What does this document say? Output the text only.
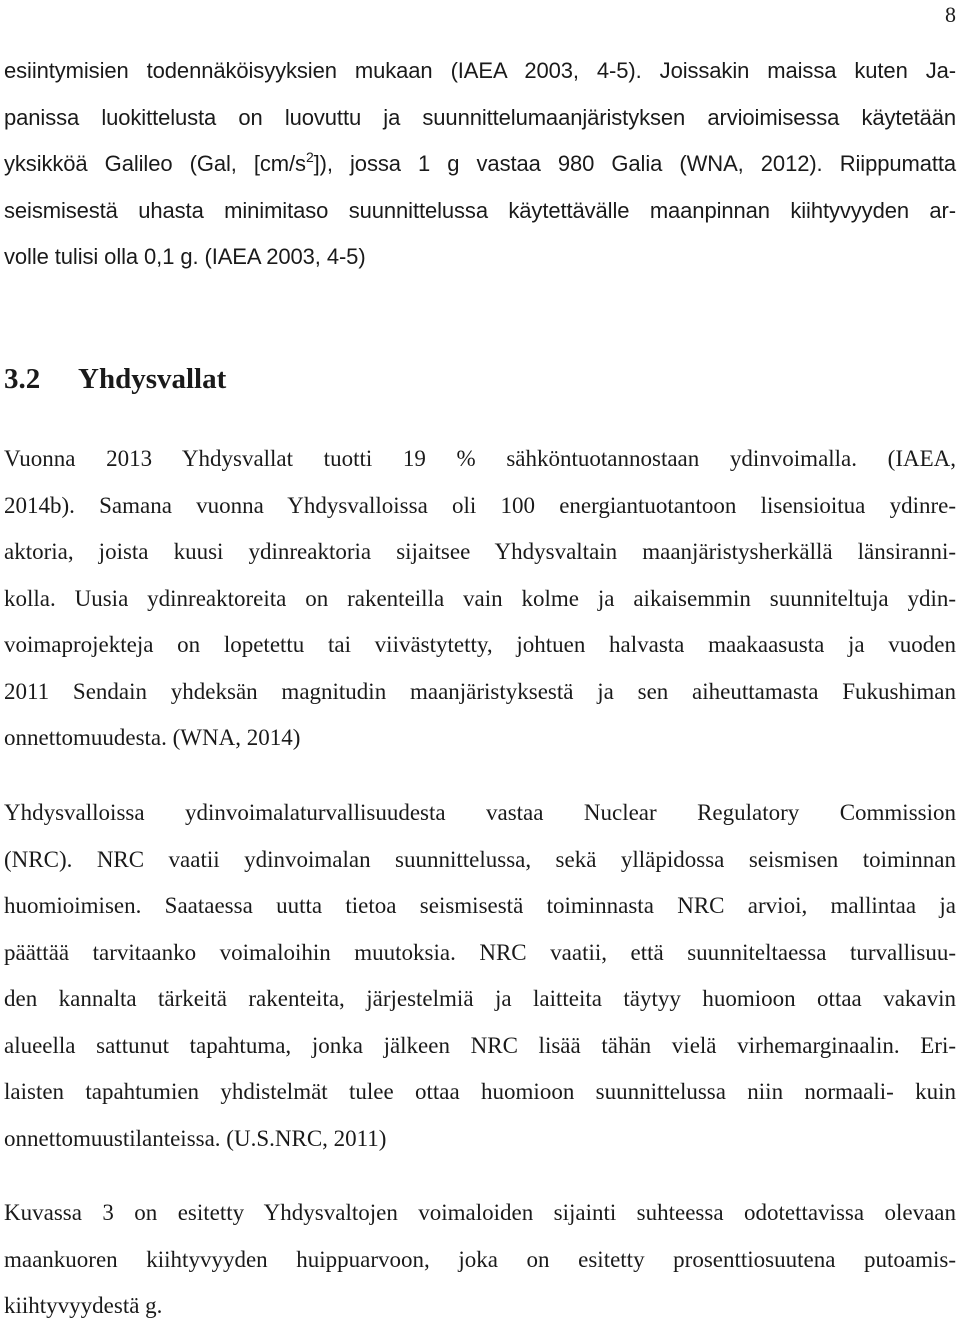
8
esiintymisien todennäköisyyksien mukaan (IAEA 2003, 4-5). Joissakin maissa kuten Ja-
panissa luokittelusta on luovuttu ja suunnittelumaanjäristyksen arvioimisessa käytetään
yksikköä Galileo (Gal, $[cm/s^2]$), jossa 1 g vastaa 980 Galia (WNA, 2012). Riippumatta
seismisestä uhasta minimitaso suunnittelussa käytettävälle maanpinnan kiihtyvyyden ar-
volle tulisi olla 0,1 g. (IAEA 2003, 4-5)
3.2 Yhdysvallat
Vuonna 2013 Yhdysvallat tuotti 19 % sähköntuotannostaan ydinvoimalla. (IAEA,
2014b). Samana vuonna Yhdysvalloissa oli 100 energiantuotantoon lisensioitua ydinre-
aktoria, joista kuusi ydinreaktoria sijaitsee Yhdysvaltain maanjäristysherkällä länsiranni-
kolla. Uusia ydinreaktoreita on rakenteilla vain kolme ja aikaisemmin suunniteltuja ydin-
voimaprojekteja on lopetettu tai viivästytetty, johtuen halvasta maakaasusta ja vuoden
2011 Sendain yhdeksän magnitudin maanjäristyksestä ja sen aiheuttamasta Fukushiman
onnettomuudesta. (WNA, 2014)
Yhdysvalloissa ydinvoimalaturvallisuudesta vastaa Nuclear Regulatory Commission
(NRC). NRC vaatii ydinvoimalan suunnittelussa, sekä ylläpidossa seismisen toiminnan
huomioimisen. Saataessa uutta tietoa seismisestä toiminnasta NRC arvioi, mallintaa ja
päättää tarvitaanko voimaloihin muutoksia. NRC vaatii, että suunniteltaessa turvallisuu-
den kannalta tärkeitä rakenteita, järjestelmiä ja laitteita täytyy huomioon ottaa vakavin
alueella sattunut tapahtuma, jonka jälkeen NRC lisää tähän vielä virhemarginaalin. Eri-
laisten tapahtumien yhdistelmät tulee ottaa huomioon suunnittelussa niin normaali- kuin
onnettomuustilanteissa. (U.S.NRC, 2011)
Kuvassa 3 on esitetty Yhdysvaltojen voimaloiden sijainti suhteessa odotettavissa olevaan
maankuoren kiihtyvyyden huippuarvoon, joka on esitetty prosenttiosuutena putoamis-
kiihtyvyydestä g.
